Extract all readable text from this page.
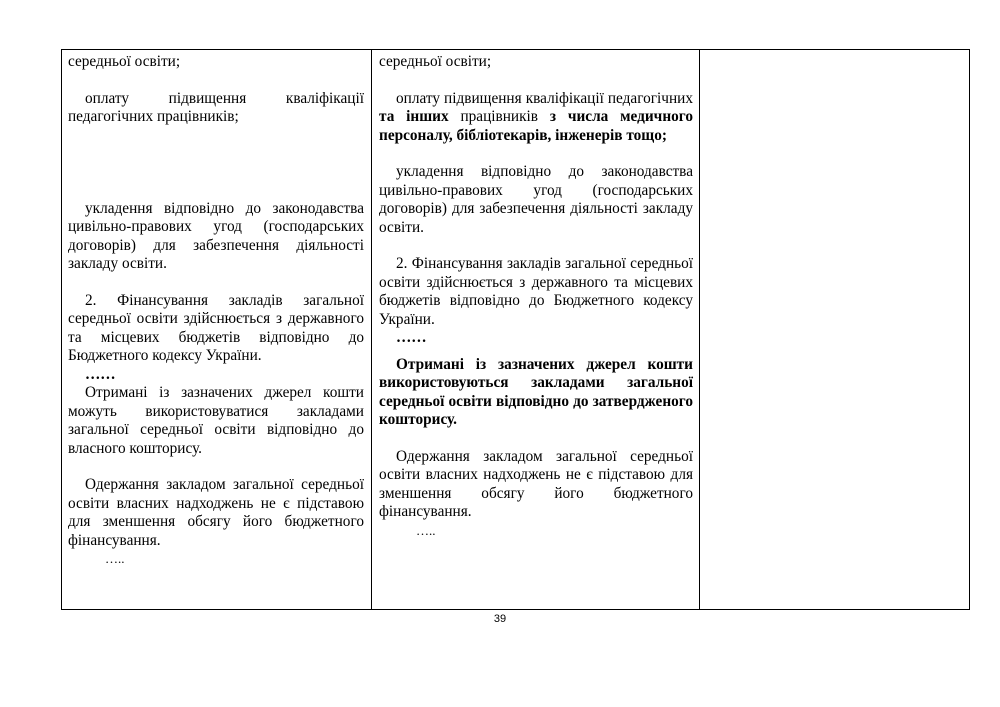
середньої освіти;

оплату підвищення кваліфікації педагогічних працівників;

укладення відповідно до законодавства цивільно-правових угод (господарських договорів) для забезпечення діяльності закладу освіти.

2. Фінансування закладів загальної середньої освіти здійснюється з державного та місцевих бюджетів відповідно до Бюджетного кодексу України.

……

Отримані із зазначених джерел кошти можуть використовуватися закладами загальної середньої освіти відповідно до власного кошторису.

Одержання закладом загальної середньої освіти власних надходжень не є підставою для зменшення обсягу його бюджетного фінансування.

…..

середньої освіти;

оплату підвищення кваліфікації педагогічних та інших працівників з числа медичного персоналу, бібліотекарів, інженерів тощо;

укладення відповідно до законодавства цивільно-правових угод (господарських договорів) для забезпечення діяльності закладу освіти.

2. Фінансування закладів загальної середньої освіти здійснюється з державного та місцевих бюджетів відповідно до Бюджетного кодексу України.

……

Отримані із зазначених джерел кошти використовуються закладами загальної середньої освіти відповідно до затвердженого кошторису.

Одержання закладом загальної середньої освіти власних надходжень не є підставою для зменшення обсягу його бюджетного фінансування.

…..
39
